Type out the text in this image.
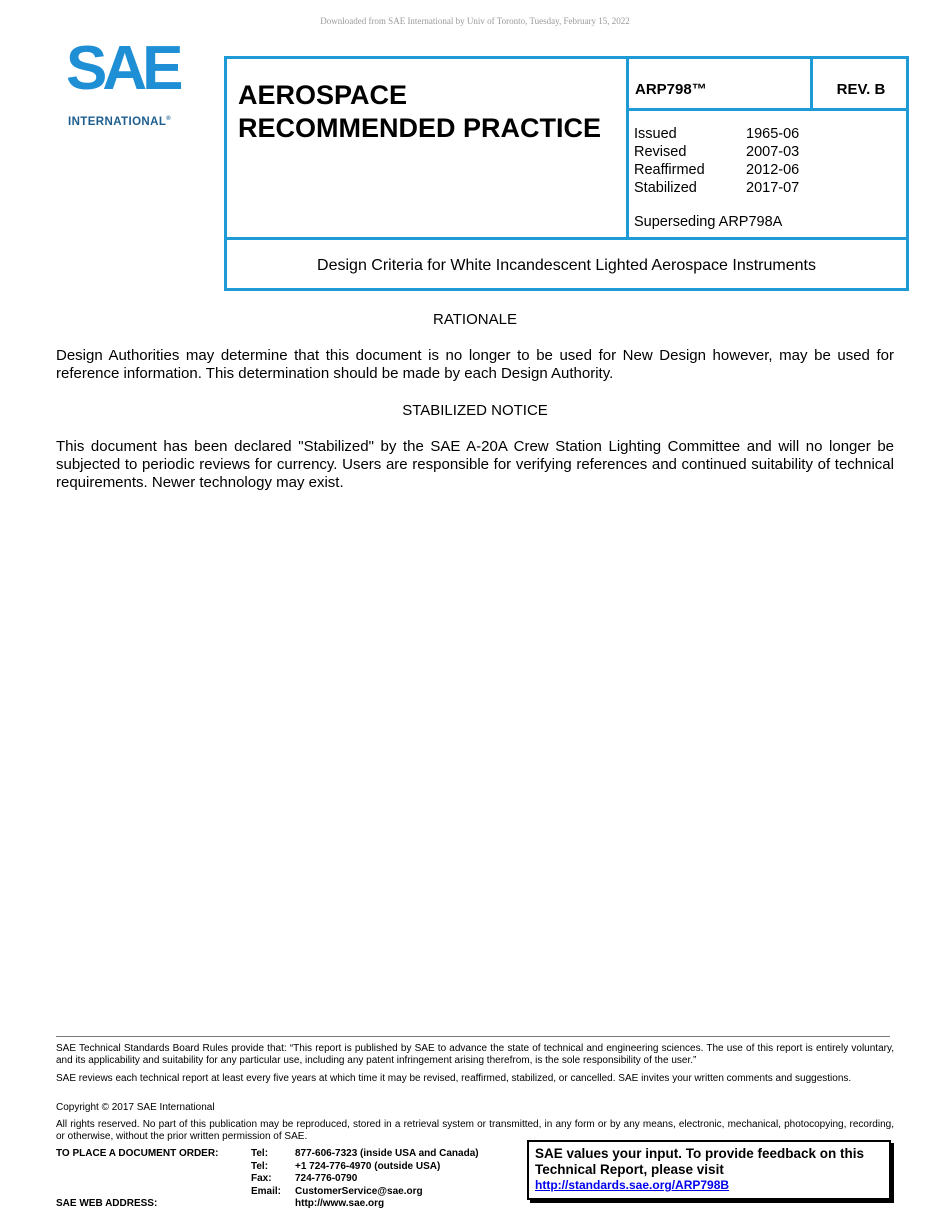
Downloaded from SAE International by Univ of Toronto, Tuesday, February 15, 2022
SAE
INTERNATIONAL®
AEROSPACE
RECOMMENDED PRACTICE
ARP798™	REV. B
Issued	1965-06
Revised	2007-03
Reaffirmed	2012-06
Stabilized	2017-07
Superseding ARP798A
Design Criteria for White Incandescent Lighted Aerospace Instruments
RATIONALE
Design Authorities may determine that this document is no longer to be used for New Design however, may be used for reference information. This determination should be made by each Design Authority.
STABILIZED NOTICE
This document has been declared "Stabilized" by the SAE A-20A Crew Station Lighting Committee and will no longer be subjected to periodic reviews for currency. Users are responsible for verifying references and continued suitability of technical requirements. Newer technology may exist.
SAE Technical Standards Board Rules provide that: “This report is published by SAE to advance the state of technical and engineering sciences. The use of this report is entirely voluntary, and its applicability and suitability for any particular use, including any patent infringement arising therefrom, is the sole responsibility of the user.”
SAE reviews each technical report at least every five years at which time it may be revised, reaffirmed, stabilized, or cancelled. SAE invites your written comments and suggestions.
Copyright © 2017 SAE International
All rights reserved. No part of this publication may be reproduced, stored in a retrieval system or transmitted, in any form or by any means, electronic, mechanical, photocopying, recording, or otherwise, without the prior written permission of SAE.
TO PLACE A DOCUMENT ORDER:	Tel:	877-606-7323 (inside USA and Canada)
Tel:	+1 724-776-4970 (outside USA)
Fax:	724-776-0790
Email:	CustomerService@sae.org
SAE WEB ADDRESS:	http://www.sae.org
SAE values your input. To provide feedback on this Technical Report, please visit
http://standards.sae.org/ARP798B
